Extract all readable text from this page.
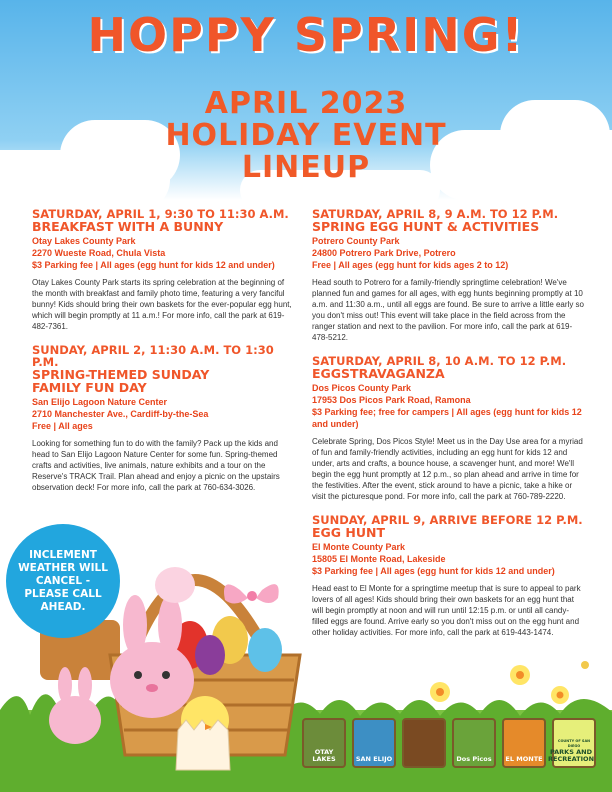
HOPPY SPRING!
APRIL 2023
HOLIDAY EVENT
LINEUP
SATURDAY, APRIL 1, 9:30 TO 11:30 A.M.
BREAKFAST WITH A BUNNY
Otay Lakes County Park
2270 Wueste Road, Chula Vista
$3 Parking fee | All ages (egg hunt for kids 12 and under)
Otay Lakes County Park starts its spring celebration at the beginning of the month with breakfast and family photo time, featuring a very fanciful bunny! Kids should bring their own baskets for the ever-popular egg hunt, which will begin promptly at 11 a.m.! For more info, call the park at 619-482-7361.
SUNDAY, APRIL 2, 11:30 A.M. TO 1:30 P.M.
SPRING-THEMED SUNDAY
FAMILY FUN DAY
San Elijo Lagoon Nature Center
2710 Manchester Ave., Cardiff-by-the-Sea
Free | All ages
Looking for something fun to do with the family? Pack up the kids and head to San Elijo Lagoon Nature Center for some fun. Spring-themed crafts and activities, live animals, nature exhibits and a tour on the Reserve's TRACK Trail. Plan ahead and enjoy a picnic on the upstairs observation deck! For more info, call the park at 760-634-3026.
SATURDAY, APRIL 8, 9 A.M. TO 12 P.M.
SPRING EGG HUNT & ACTIVITIES
Potrero County Park
24800 Potrero Park Drive, Potrero
Free | All ages (egg hunt for kids ages 2 to 12)
Head south to Potrero for a family-friendly springtime celebration! We've planned fun and games for all ages, with egg hunts beginning promptly at 10 a.m. and 11:30 a.m., until all eggs are found. Be sure to arrive a little early so you don't miss out! This event will take place in the field across from the ranger station and next to the pavilion. For more info, call the park at 619-478-5212.
SATURDAY, APRIL 8, 10 A.M. TO 12 P.M.
EGGSTRAVAGANZA
Dos Picos County Park
17953 Dos Picos Park Road, Ramona
$3 Parking fee; free for campers | All ages (egg hunt for kids 12 and under)
Celebrate Spring, Dos Picos Style! Meet us in the Day Use area for a myriad of fun and family-friendly activities, including an egg hunt for kids 12 and under, arts and crafts, a bounce house, a scavenger hunt, and more! We'll begin the egg hunt promptly at 12 p.m., so plan ahead and arrive in time for the festivities. After the event, stick around to have a picnic, take a hike or visit the picturesque pond. For more info, call the park at 760-789-2220.
SUNDAY, APRIL 9, ARRIVE BEFORE 12 P.M.
EGG HUNT
El Monte County Park
15805 El Monte Road, Lakeside
$3 Parking fee | All ages (egg hunt for kids 12 and under)
Head east to El Monte for a springtime meetup that is sure to appeal to park lovers of all ages! Kids should bring their own baskets for an egg hunt that will begin promptly at noon and will run until 12:15 p.m. or until all candy-filled eggs are found. Arrive early so you don't miss out on the egg hunt and other holiday activities. For more info, call the park at 619-443-1474.
INCLEMENT WEATHER WILL CANCEL - PLEASE CALL AHEAD.
OTAY LAKES	SAN ELIJO	Dos Picos	EL MONTE
COUNTY OF SAN DIEGO
PARKS AND RECREATION
